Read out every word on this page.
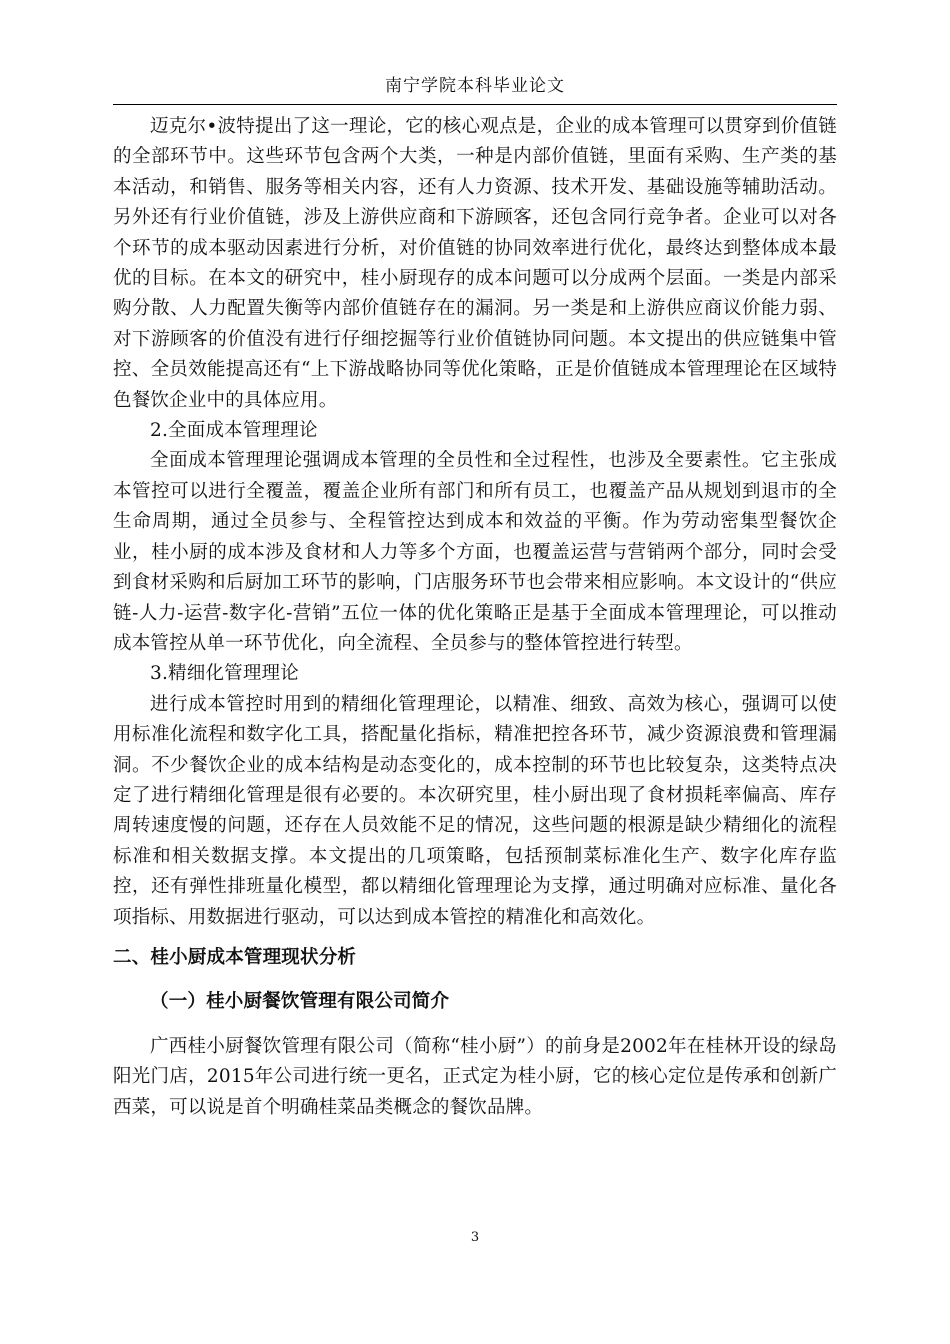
南宁学院本科毕业论文

迈克尔•波特提出了这一理论，它的核心观点是，企业的成本管理可以贯穿到价值链的全部环节中。这些环节包含两个大类，一种是内部价值链，里面有采购、生产类的基本活动，和销售、服务等相关内容，还有人力资源、技术开发、基础设施等辅助活动。另外还有行业价值链，涉及上游供应商和下游顾客，还包含同行竞争者。企业可以对各个环节的成本驱动因素进行分析，对价值链的协同效率进行优化，最终达到整体成本最优的目标。在本文的研究中，桂小厨现存的成本问题可以分成两个层面。一类是内部采购分散、人力配置失衡等内部价值链存在的漏洞。另一类是和上游供应商议价能力弱、对下游顾客的价值没有进行仔细挖掘等行业价值链协同问题。本文提出的供应链集中管控、全员效能提高还有“上下游战略协同等优化策略，正是价值链成本管理理论在区域特色餐饮企业中的具体应用。

2.全面成本管理理论

全面成本管理理论强调成本管理的全员性和全过程性，也涉及全要素性。它主张成本管控可以进行全覆盖，覆盖企业所有部门和所有员工，也覆盖产品从规划到退市的全生命周期，通过全员参与、全程管控达到成本和效益的平衡。作为劳动密集型餐饮企业，桂小厨的成本涉及食材和人力等多个方面，也覆盖运营与营销两个部分，同时会受到食材采购和后厨加工环节的影响，门店服务环节也会带来相应影响。本文设计的“供应链-人力-运营-数字化-营销”五位一体的优化策略正是基于全面成本管理理论，可以推动成本管控从单一环节优化，向全流程、全员参与的整体管控进行转型。

3.精细化管理理论

进行成本管控时用到的精细化管理理论，以精准、细致、高效为核心，强调可以使用标准化流程和数字化工具，搭配量化指标，精准把控各环节，减少资源浪费和管理漏洞。不少餐饮企业的成本结构是动态变化的，成本控制的环节也比较复杂，这类特点决定了进行精细化管理是很有必要的。本次研究里，桂小厨出现了食材损耗率偏高、库存周转速度慢的问题，还存在人员效能不足的情况，这些问题的根源是缺少精细化的流程标准和相关数据支撑。本文提出的几项策略，包括预制菜标准化生产、数字化库存监控，还有弹性排班量化模型，都以精细化管理理论为支撑，通过明确对应标准、量化各项指标、用数据进行驱动，可以达到成本管控的精准化和高效化。

二、桂小厨成本管理现状分析

（一）桂小厨餐饮管理有限公司简介

广西桂小厨餐饮管理有限公司（简称“桂小厨”）的前身是2002年在桂林开设的绿岛阳光门店，2015年公司进行统一更名，正式定为桂小厨，它的核心定位是传承和创新广西菜，可以说是首个明确桂菜品类概念的餐饮品牌。

3
